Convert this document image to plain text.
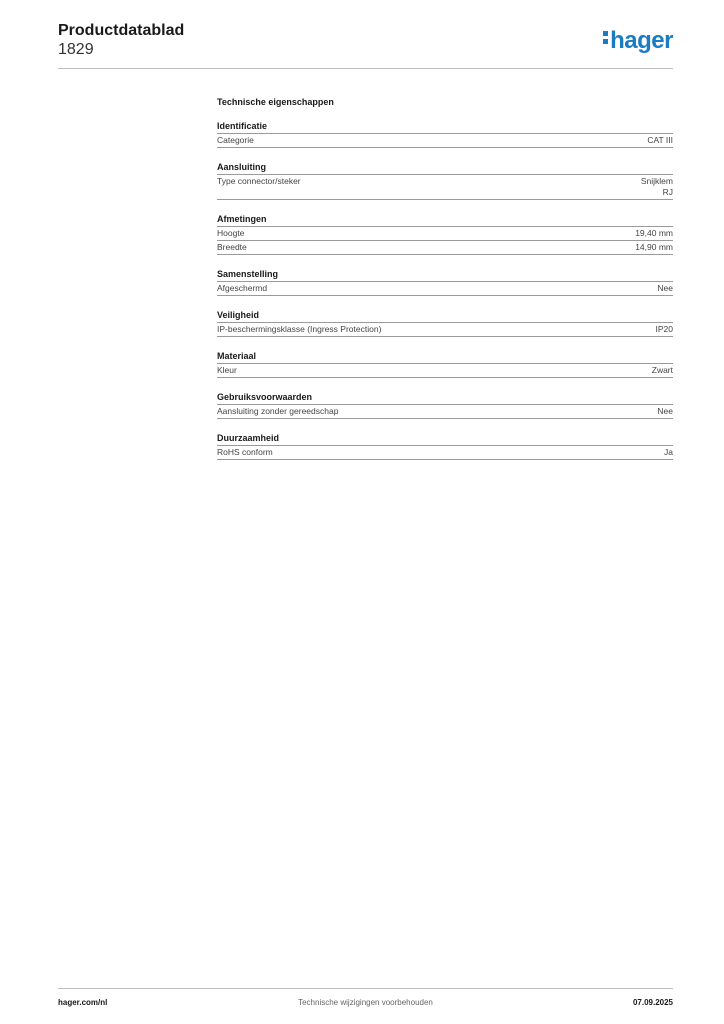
Productdatablad
1829	hager
Technische eigenschappen
Identificatie
Categorie	CAT III
Aansluiting
Type connector/steker	Snijklem
RJ
Afmetingen
Hoogte	19,40 mm
Breedte	14,90 mm
Samenstelling
Afgeschermd	Nee
Veiligheid
IP-beschermingsklasse (Ingress Protection)	IP20
Materiaal
Kleur	Zwart
Gebruiksvoorwaarden
Aansluiting zonder gereedschap	Nee
Duurzaamheid
RoHS conform	Ja
hager.com/nl	Technische wijzigingen voorbehouden	07.09.2025
